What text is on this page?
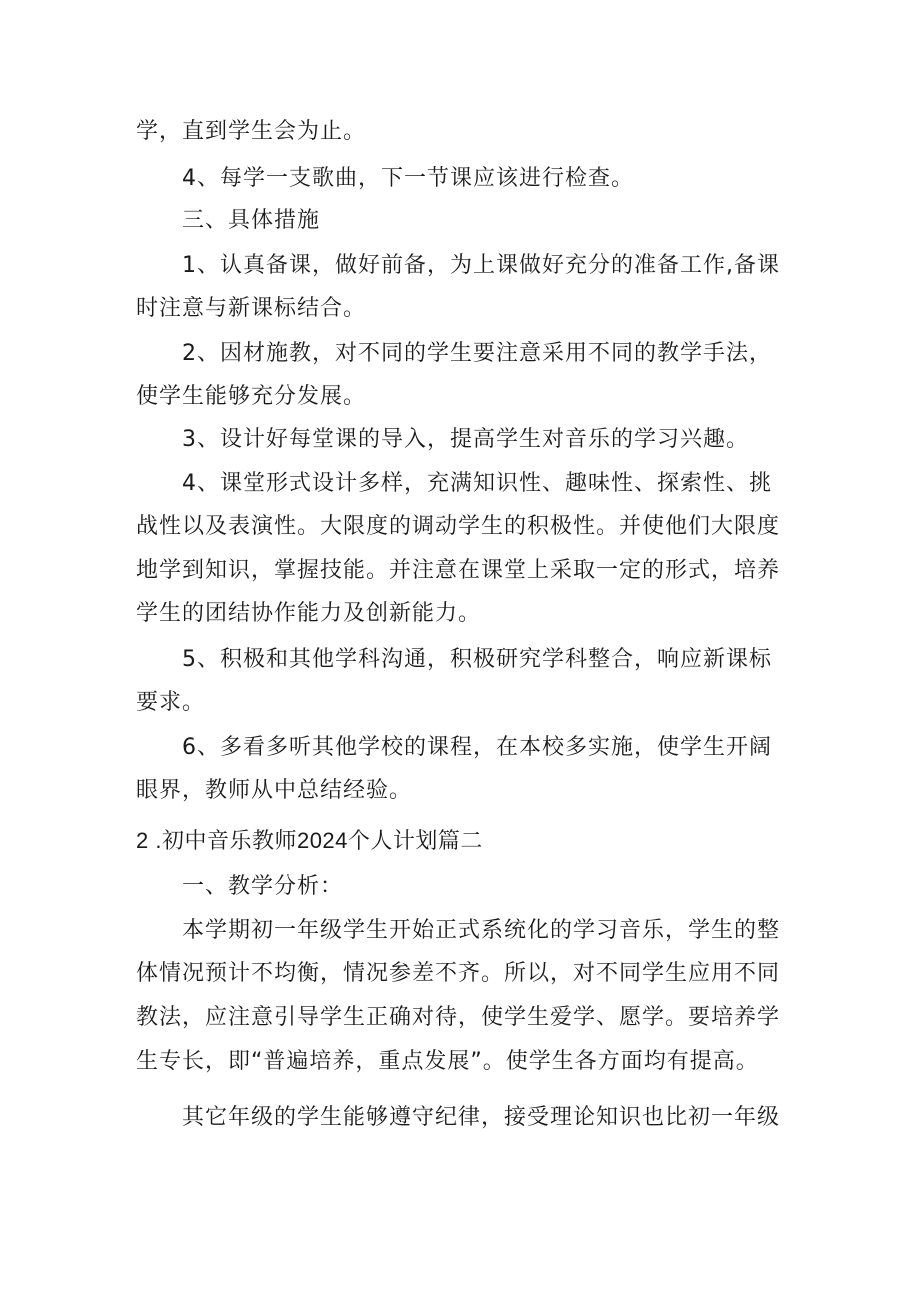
学，直到学生会为止。
4、每学一支歌曲，下一节课应该进行检查。
三、具体措施
1、认真备课，做好前备，为上课做好充分的准备工作,备课
时注意与新课标结合。
2、因材施教，对不同的学生要注意采用不同的教学手法，
使学生能够充分发展。
3、设计好每堂课的导入，提高学生对音乐的学习兴趣。
4、课堂形式设计多样，充满知识性、趣味性、探索性、挑
战性以及表演性。大限度的调动学生的积极性。并使他们大限度
地学到知识，掌握技能。并注意在课堂上采取一定的形式，培养
学生的团结协作能力及创新能力。
5、积极和其他学科沟通，积极研究学科整合，响应新课标
要求。
6、多看多听其他学校的课程，在本校多实施，使学生开阔
眼界，教师从中总结经验。
2 .初中音乐教师2024个人计划篇二
一、教学分析：
本学期初一年级学生开始正式系统化的学习音乐，学生的整
体情况预计不均衡，情况参差不齐。所以，对不同学生应用不同
教法，应注意引导学生正确对待，使学生爱学、愿学。要培养学
生专长，即“普遍培养，重点发展”。使学生各方面均有提高。
其它年级的学生能够遵守纪律，接受理论知识也比初一年级
